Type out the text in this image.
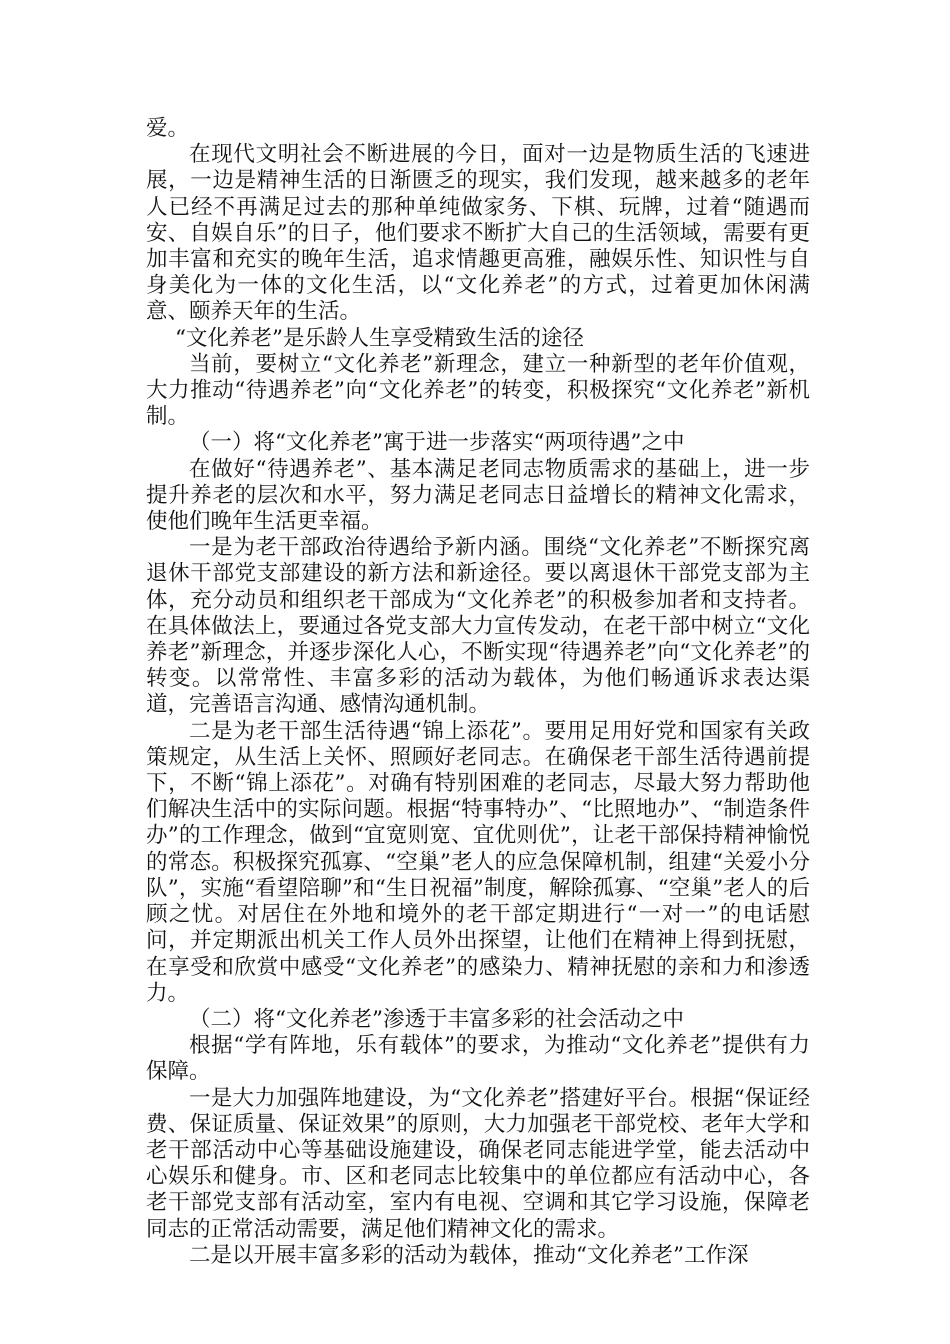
爱。

在现代文明社会不断进展的今日，面对一边是物质生活的飞速进展，一边是精神生活的日渐匮乏的现实，我们发现，越来越多的老年人已经不再满足过去的那种单纯做家务、下棋、玩牌，过着“随遇而安、自娱自乐”的日子，他们要求不断扩大自己的生活领域，需要有更加丰富和充实的晚年生活，追求情趣更高雅，融娱乐性、知识性与自身美化为一体的文化生活，以“文化养老”的方式，过着更加休闲满意、颐养天年的生活。

“文化养老”是乐龄人生享受精致生活的途径

当前，要树立“文化养老”新理念，建立一种新型的老年价值观，大力推动“待遇养老”向“文化养老”的转变，积极探究“文化养老”新机制。

（一）将“文化养老”寓于进一步落实“两项待遇”之中

在做好“待遇养老”、基本满足老同志物质需求的基础上，进一步提升养老的层次和水平，努力满足老同志日益增长的精神文化需求，使他们晚年生活更幸福。

一是为老干部政治待遇给予新内涵。围绕“文化养老”不断探究离退休干部党支部建设的新方法和新途径。要以离退休干部党支部为主体，充分动员和组织老干部成为“文化养老”的积极参加者和支持者。在具体做法上，要通过各党支部大力宣传发动，在老干部中树立“文化养老”新理念，并逐步深化人心，不断实现“待遇养老”向“文化养老”的转变。以常常性、丰富多彩的活动为载体，为他们畅通诉求表达渠道，完善语言沟通、感情沟通机制。

二是为老干部生活待遇“锦上添花”。要用足用好党和国家有关政策规定，从生活上关怀、照顾好老同志。在确保老干部生活待遇前提下，不断“锦上添花”。对确有特别困难的老同志，尽最大努力帮助他们解决生活中的实际问题。根据“特事特办”、“比照地办”、“制造条件办”的工作理念，做到“宜宽则宽、宜优则优”，让老干部保持精神愉悦的常态。积极探究孤寡、“空巢”老人的应急保障机制，组建“关爱小分队”，实施“看望陪聊”和“生日祝福”制度，解除孤寡、“空巢”老人的后顾之忧。对居住在外地和境外的老干部定期进行“一对一”的电话慰问，并定期派出机关工作人员外出探望，让他们在精神上得到抚慰，在享受和欣赏中感受“文化养老”的感染力、精神抚慰的亲和力和渗透力。

（二）将“文化养老”渗透于丰富多彩的社会活动之中

根据“学有阵地，乐有载体”的要求，为推动“文化养老”提供有力保障。

一是大力加强阵地建设，为“文化养老”搭建好平台。根据“保证经费、保证质量、保证效果”的原则，大力加强老干部党校、老年大学和老干部活动中心等基础设施建设，确保老同志能进学堂，能去活动中心娱乐和健身。市、区和老同志比较集中的单位都应有活动中心，各老干部党支部有活动室，室内有电视、空调和其它学习设施，保障老同志的正常活动需要，满足他们精神文化的需求。

二是以开展丰富多彩的活动为载体，推动“文化养老”工作深
